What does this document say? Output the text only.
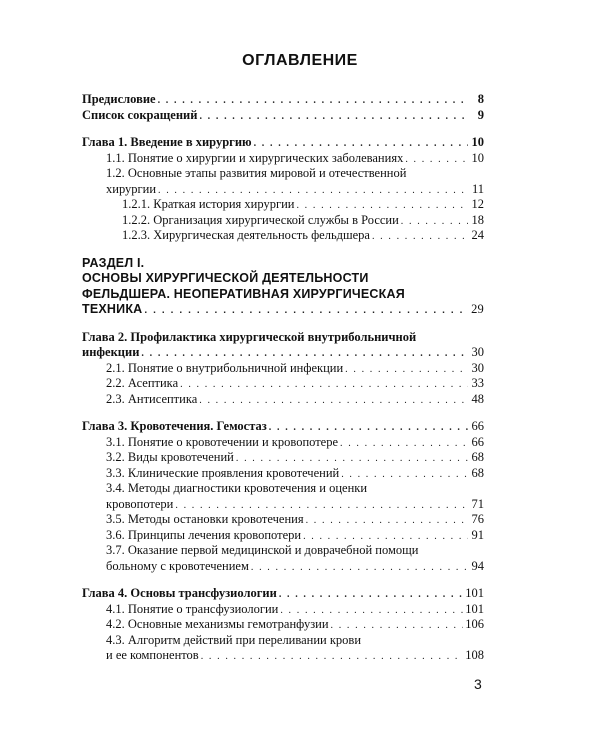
ОГЛАВЛЕНИЕ
Предисловие . . .	8
Список сокращений . . .	9
Глава 1. Введение в хирургию . . .	10
1.1. Понятие о хирургии и хирургических заболеваниях . . .	10
1.2. Основные этапы развития мировой и отечественной
хирургии . . .	11
1.2.1. Краткая история хирургии . . .	12
1.2.2. Организация хирургической службы в России . . .	18
1.2.3. Хирургическая деятельность фельдшера . . .	24
РАЗДЕЛ I.
ОСНОВЫ ХИРУРГИЧЕСКОЙ ДЕЯТЕЛЬНОСТИ
ФЕЛЬДШЕРА. НЕОПЕРАТИВНАЯ ХИРУРГИЧЕСКАЯ
ТЕХНИКА . . .	29
Глава 2. Профилактика хирургической внутрибольничной
инфекции . . .	30
2.1. Понятие о внутрибольничной инфекции . . .	30
2.2. Асептика . . .	33
2.3. Антисептика . . .	48
Глава 3. Кровотечения. Гемостаз . . .	66
3.1. Понятие о кровотечении и кровопотере . . .	66
3.2. Виды кровотечений . . .	68
3.3. Клинические проявления кровотечений . . .	68
3.4. Методы диагностики кровотечения и оценки
кровопотери . . .	71
3.5. Методы остановки кровотечения . . .	76
3.6. Принципы лечения кровопотери . . .	91
3.7. Оказание первой медицинской и доврачебной помощи
больному с кровотечением . . .	94
Глава 4. Основы трансфузиологии . . .	101
4.1. Понятие о трансфузиологии . . .	101
4.2. Основные механизмы гемотранфузии . . .	106
4.3. Алгоритм действий при переливании крови
и ее компонентов . . .	108
3
